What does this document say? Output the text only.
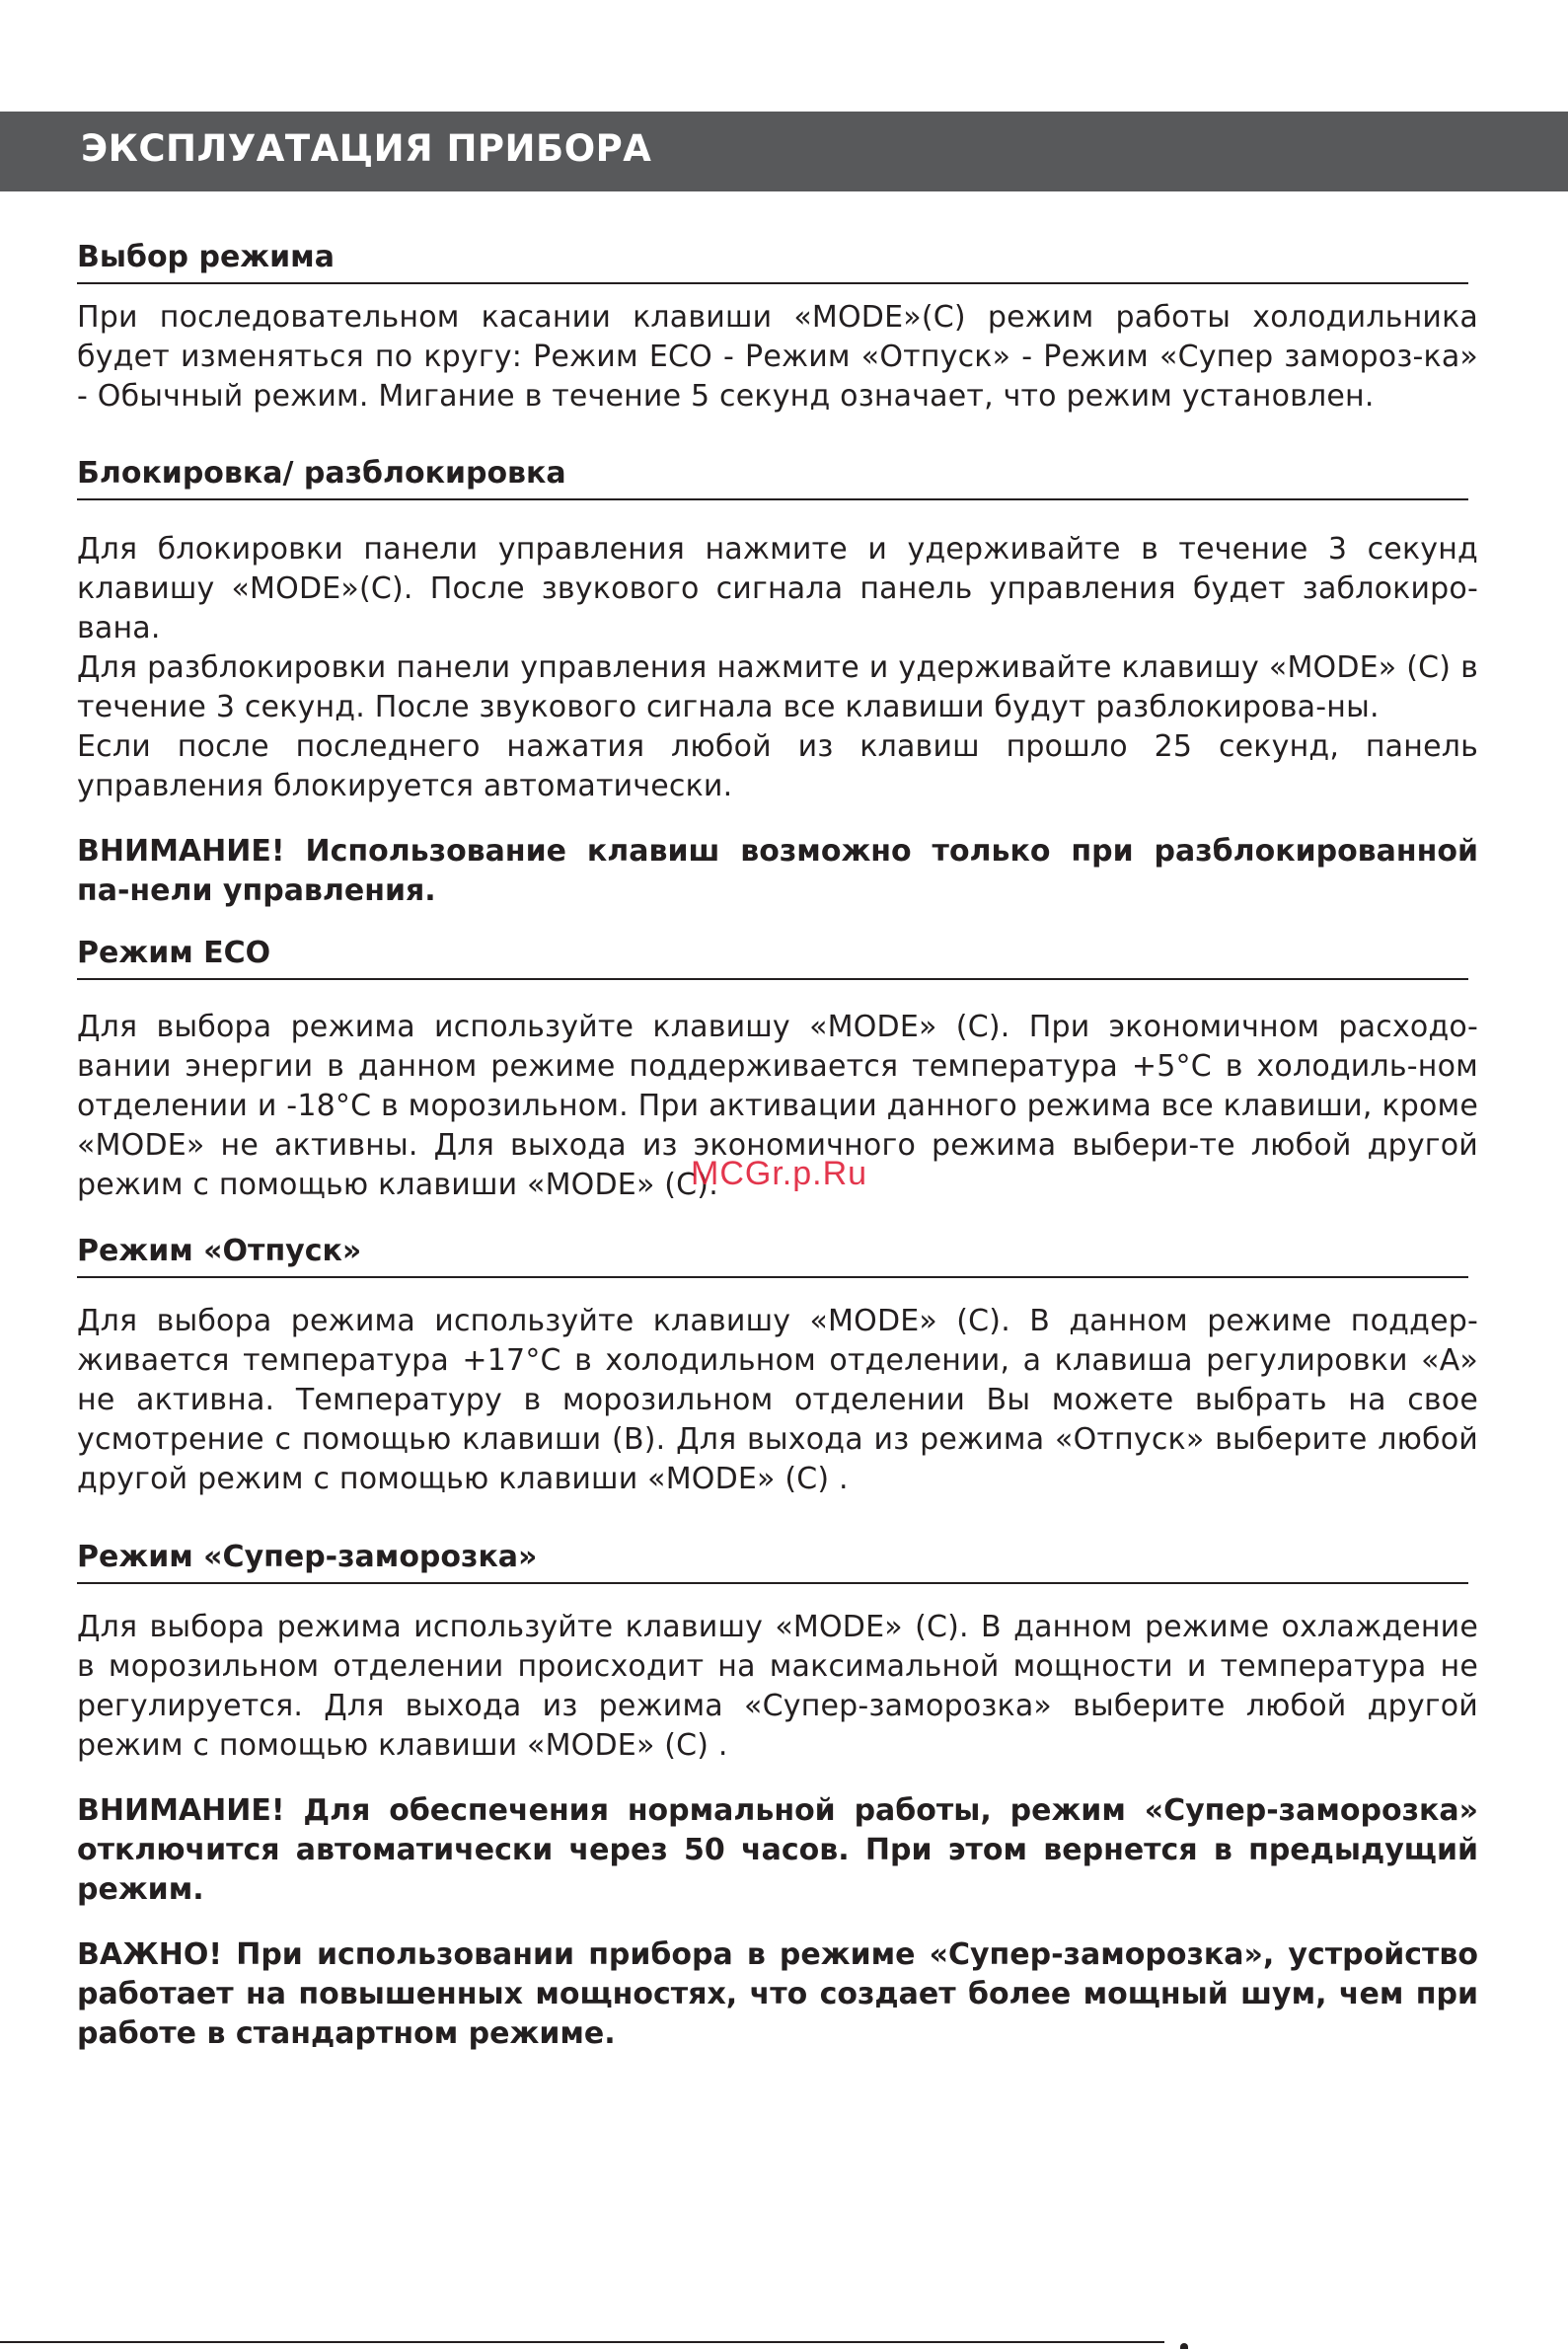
ЭКСПЛУАТАЦИЯ ПРИБОРА
Выбор режима

При последовательном касании клавиши «MODE»(C) режим работы холодильника будет изменяться по кругу: Режим ECO - Режим «Отпуск» - Режим «Супер замороз-ка» - Обычный режим. Мигание в течение 5 секунд означает, что режим установлен.

Блокировка/ разблокировка

Для блокировки панели управления нажмите и удерживайте в течение 3 секунд клавишу «MODE»(C). После звукового сигнала панель управления будет заблокиро-вана.

Для разблокировки панели управления нажмите и удерживайте клавишу «MODE» (C) в течение 3 секунд. После звукового сигнала все клавиши будут разблокирова-ны.

Если после последнего нажатия любой из клавиш прошло 25 секунд, панель управления блокируется автоматически.

ВНИМАНИЕ! Использование клавиш возможно только при разблокированной па-нели управления.

Режим ECO

Для выбора режима используйте клавишу «MODE» (C). При экономичном расходо-вании энергии в данном режиме поддерживается температура +5°C в холодиль-ном отделении и -18°C в морозильном. При активации данного режима все клавиши, кроме «MODE» не активны. Для выхода из экономичного режима выбери-те любой другой режим с помощью клавиши «MODE» (C).

Режим «Отпуск»

Для выбора режима используйте клавишу «MODE» (C). В данном режиме поддер-живается температура +17°C в холодильном отделении, а клавиша регулировки «A» не активна. Температуру в морозильном отделении Вы можете выбрать на свое усмотрение с помощью клавиши (B). Для выхода из режима «Отпуск» выберите любой другой режим с помощью клавиши «MODE» (C) .

Режим «Супер-заморозка»

Для выбора режима используйте клавишу «MODE» (C). В данном режиме охлаждение в морозильном отделении происходит на максимальной мощности и температура не регулируется. Для выхода из режима «Супер-заморозка» выберите любой другой режим с помощью клавиши «MODE» (C) .

ВНИМАНИЕ! Для обеспечения нормальной работы, режим «Супер-заморозка» отключится автоматически через 50 часов. При этом вернется в предыдущий режим.

ВАЖНО! При использовании прибора в режиме «Супер-заморозка», устройство работает на повышенных мощностях, что создает более мощный шум, чем при работе в стандартном режиме.

MCGr.p.Ru
